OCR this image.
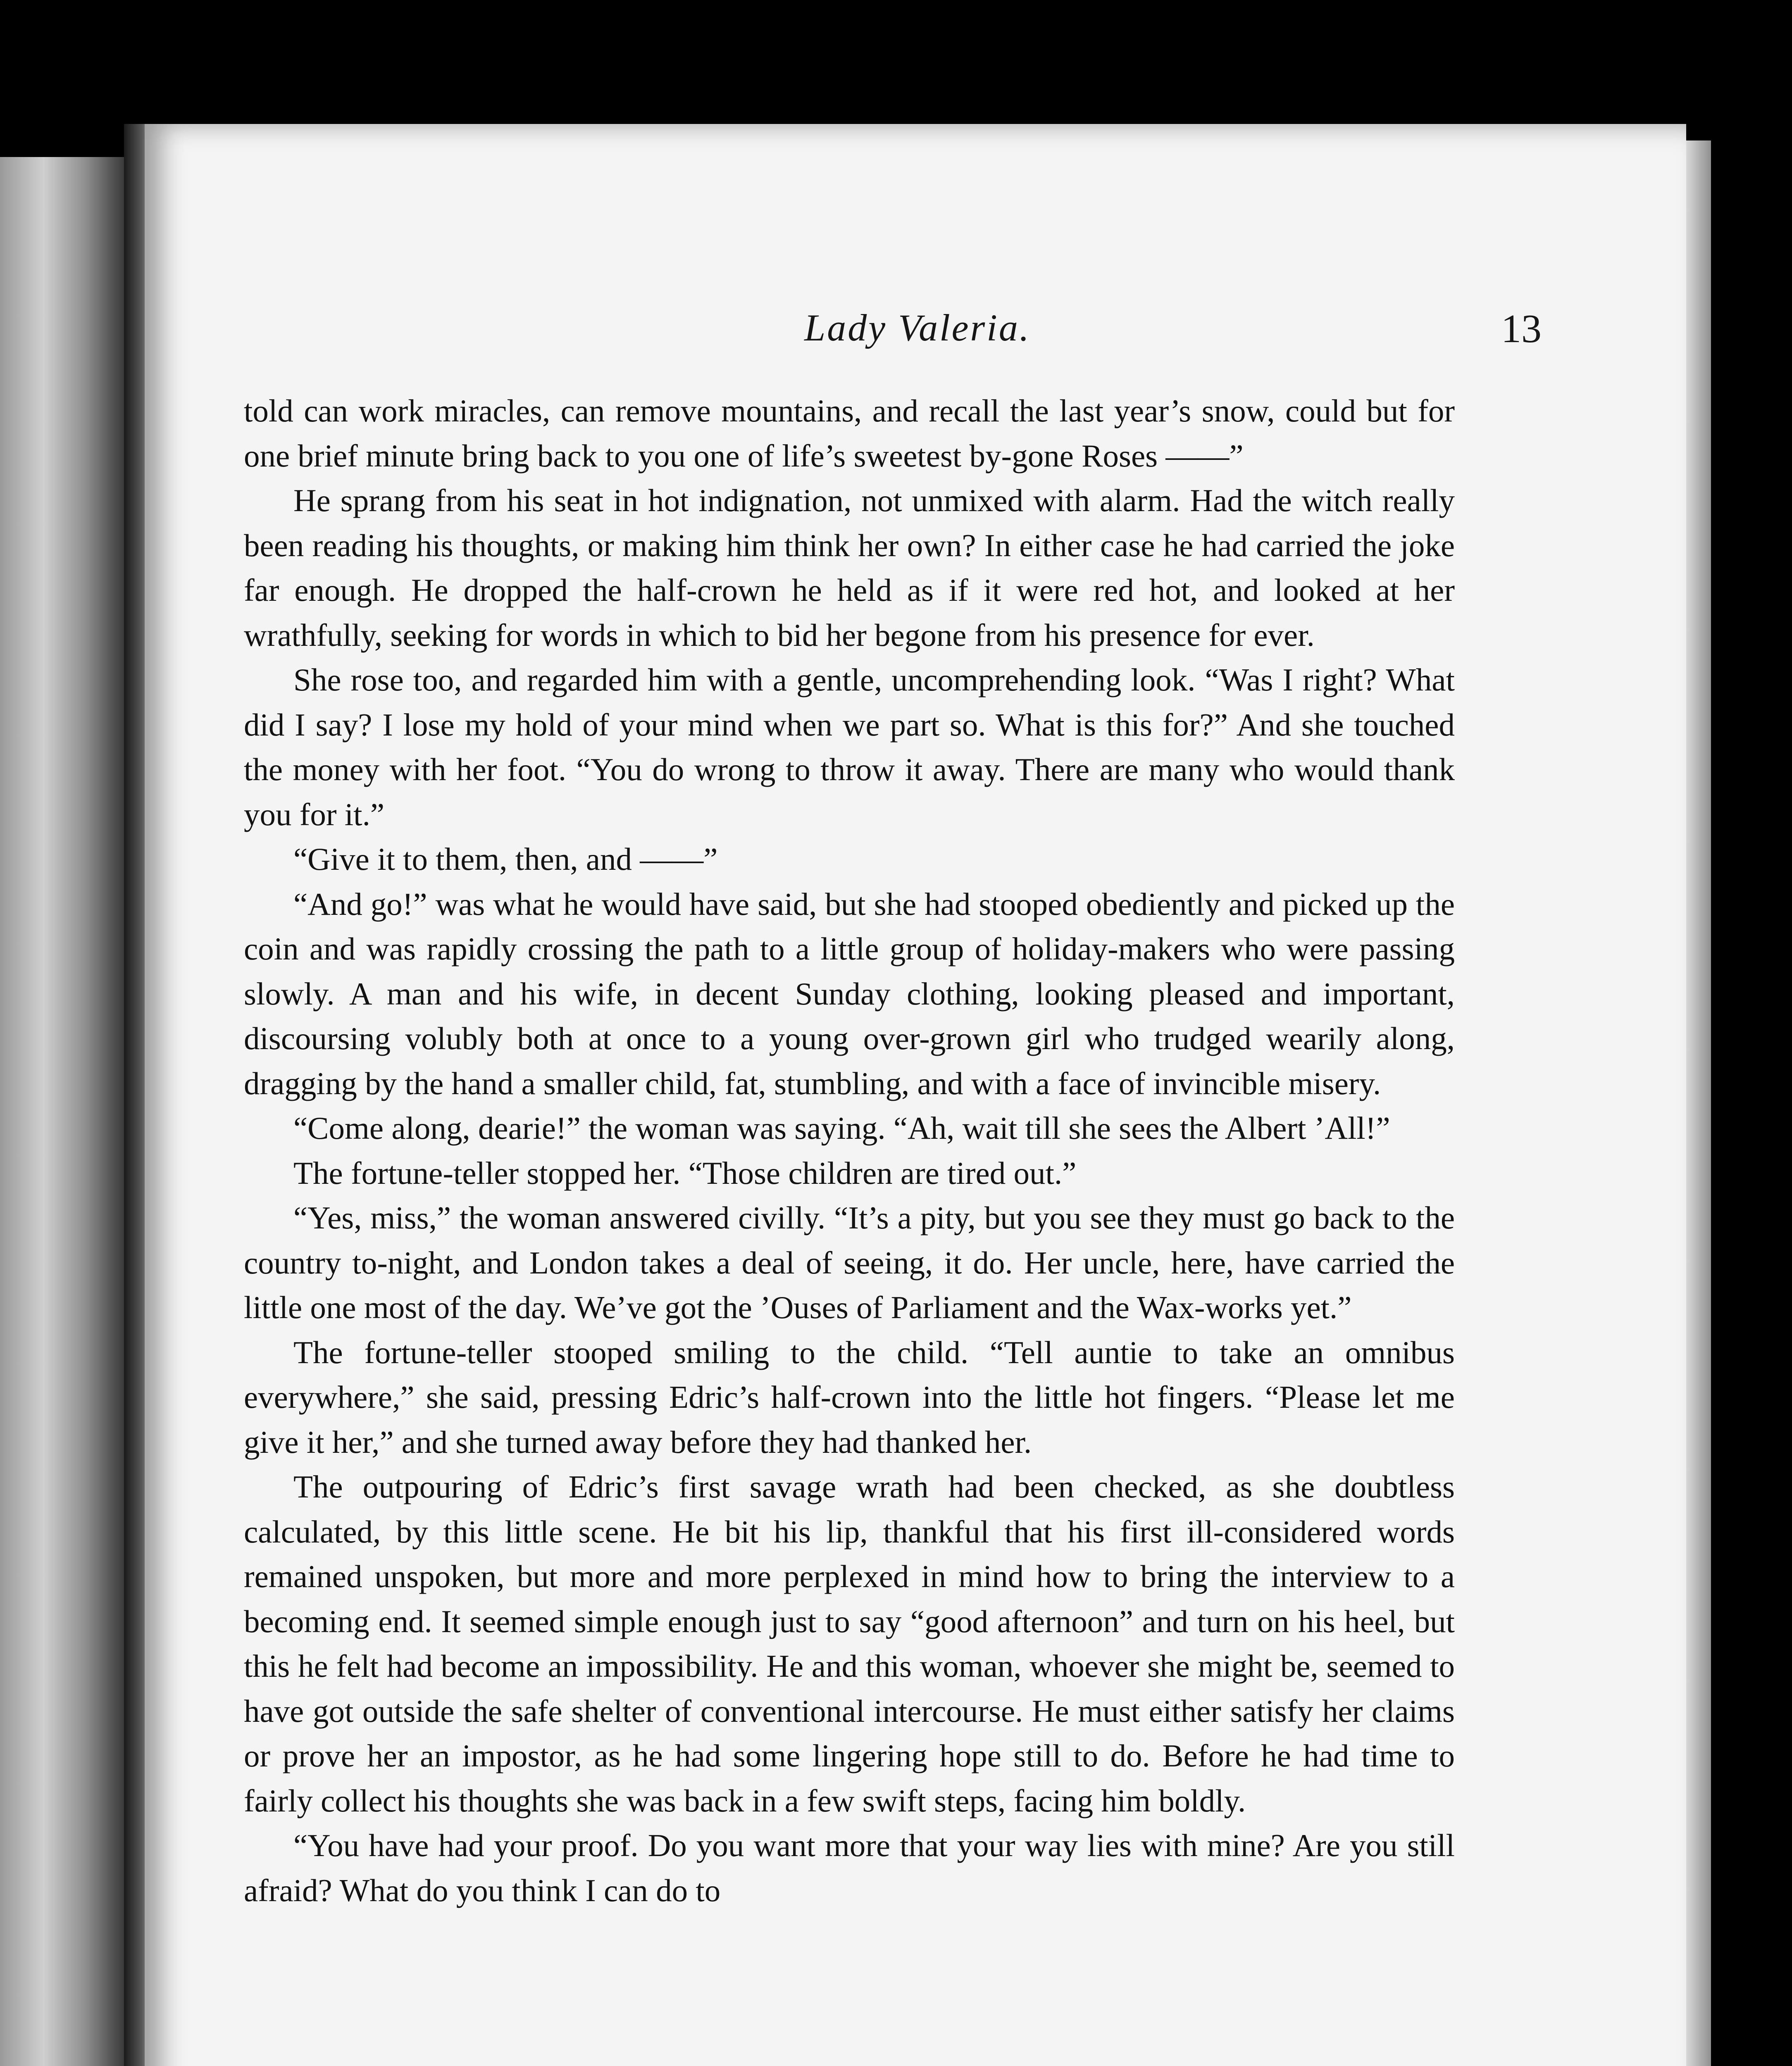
Lady Valeria.	13

told can work miracles, can remove mountains, and recall the last year’s snow, could but for one brief minute bring back to you one of life’s sweetest by-gone Roses ——”

He sprang from his seat in hot indignation, not unmixed with alarm. Had the witch really been reading his thoughts, or making him think her own? In either case he had carried the joke far enough. He dropped the half-crown he held as if it were red hot, and looked at her wrathfully, seeking for words in which to bid her begone from his presence for ever.

She rose too, and regarded him with a gentle, uncomprehending look. “Was I right? What did I say? I lose my hold of your mind when we part so. What is this for?” And she touched the money with her foot. “You do wrong to throw it away. There are many who would thank you for it.”

“Give it to them, then, and ——”

“And go!” was what he would have said, but she had stooped obediently and picked up the coin and was rapidly crossing the path to a little group of holiday-makers who were passing slowly. A man and his wife, in decent Sunday clothing, looking pleased and important, discoursing volubly both at once to a young over-grown girl who trudged wearily along, dragging by the hand a smaller child, fat, stumbling, and with a face of invincible misery.

“Come along, dearie!” the woman was saying. “Ah, wait till she sees the Albert ’All!”

The fortune-teller stopped her. “Those children are tired out.”

“Yes, miss,” the woman answered civilly. “It’s a pity, but you see they must go back to the country to-night, and London takes a deal of seeing, it do. Her uncle, here, have carried the little one most of the day. We’ve got the ’Ouses of Parliament and the Wax-works yet.”

The fortune-teller stooped smiling to the child. “Tell auntie to take an omnibus everywhere,” she said, pressing Edric’s half-crown into the little hot fingers. “Please let me give it her,” and she turned away before they had thanked her.

The outpouring of Edric’s first savage wrath had been checked, as she doubtless calculated, by this little scene. He bit his lip, thankful that his first ill-considered words remained unspoken, but more and more perplexed in mind how to bring the interview to a becoming end. It seemed simple enough just to say “good afternoon” and turn on his heel, but this he felt had become an impossibility. He and this woman, whoever she might be, seemed to have got outside the safe shelter of conventional intercourse. He must either satisfy her claims or prove her an impostor, as he had some lingering hope still to do. Before he had time to fairly collect his thoughts she was back in a few swift steps, facing him boldly.

“You have had your proof. Do you want more that your way lies with mine? Are you still afraid? What do you think I can do to
